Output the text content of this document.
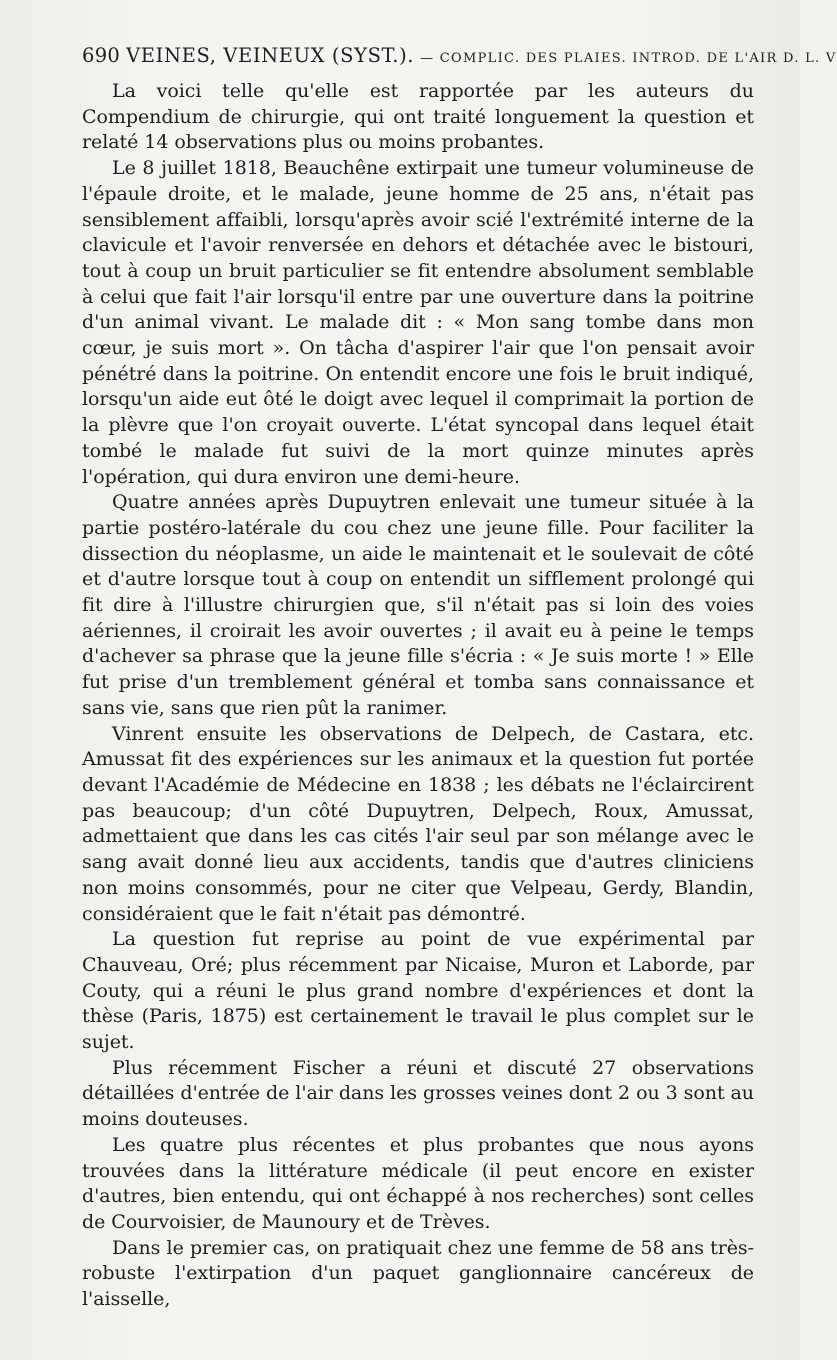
690 VEINES, VEINEUX (SYST.). — COMPLIC. DES PLAIES. INTROD. DE L'AIR D. L. V

La voici telle qu'elle est rapportée par les auteurs du Compendium de chirurgie, qui ont traité longuement la question et relaté 14 observations plus ou moins probantes.

Le 8 juillet 1818, Beauchêne extirpait une tumeur volumineuse de l'épaule droite, et le malade, jeune homme de 25 ans, n'était pas sensiblement affaibli, lorsqu'après avoir scié l'extrémité interne de la clavicule et l'avoir renversée en dehors et détachée avec le bistouri, tout à coup un bruit particulier se fit entendre absolument semblable à celui que fait l'air lorsqu'il entre par une ouverture dans la poitrine d'un animal vivant. Le malade dit : « Mon sang tombe dans mon cœur, je suis mort ». On tâcha d'aspirer l'air que l'on pensait avoir pénétré dans la poitrine. On entendit encore une fois le bruit indiqué, lorsqu'un aide eut ôté le doigt avec lequel il comprimait la portion de la plèvre que l'on croyait ouverte. L'état syncopal dans lequel était tombé le malade fut suivi de la mort quinze minutes après l'opération, qui dura environ une demi-heure.

Quatre années après Dupuytren enlevait une tumeur située à la partie postéro-latérale du cou chez une jeune fille. Pour faciliter la dissection du néoplasme, un aide le maintenait et le soulevait de côté et d'autre lorsque tout à coup on entendit un sifflement prolongé qui fit dire à l'illustre chirurgien que, s'il n'était pas si loin des voies aériennes, il croirait les avoir ouvertes ; il avait eu à peine le temps d'achever sa phrase que la jeune fille s'écria : « Je suis morte ! » Elle fut prise d'un tremblement général et tomba sans connaissance et sans vie, sans que rien pût la ranimer.

Vinrent ensuite les observations de Delpech, de Castara, etc. Amussat fit des expériences sur les animaux et la question fut portée devant l'Académie de Médecine en 1838 ; les débats ne l'éclaircirent pas beaucoup; d'un côté Dupuytren, Delpech, Roux, Amussat, admettaient que dans les cas cités l'air seul par son mélange avec le sang avait donné lieu aux accidents, tandis que d'autres cliniciens non moins consommés, pour ne citer que Velpeau, Gerdy, Blandin, considéraient que le fait n'était pas démontré.

La question fut reprise au point de vue expérimental par Chauveau, Oré; plus récemment par Nicaise, Muron et Laborde, par Couty, qui a réuni le plus grand nombre d'expériences et dont la thèse (Paris, 1875) est certainement le travail le plus complet sur le sujet.

Plus récemment Fischer a réuni et discuté 27 observations détaillées d'entrée de l'air dans les grosses veines dont 2 ou 3 sont au moins douteuses.

Les quatre plus récentes et plus probantes que nous ayons trouvées dans la littérature médicale (il peut encore en exister d'autres, bien entendu, qui ont échappé à nos recherches) sont celles de Courvoisier, de Maunoury et de Trèves.

Dans le premier cas, on pratiquait chez une femme de 58 ans très-robuste l'extirpation d'un paquet ganglionnaire cancéreux de l'aisselle,
